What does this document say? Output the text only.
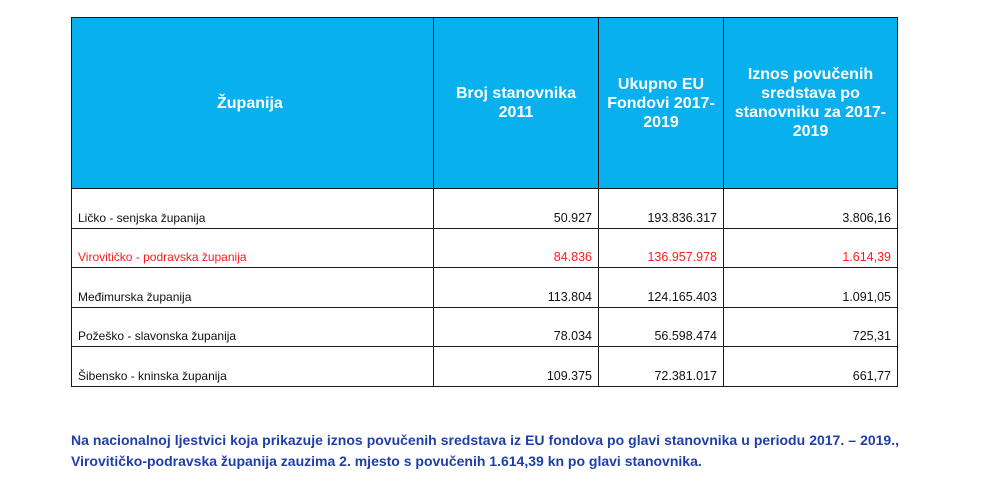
Županija	Broj stanovnika 2011	Ukupno EU Fondovi 2017-2019	Iznos povučenih sredstava po stanovniku za 2017-2019
Ličko - senjska županija	50.927	193.836.317	3.806,16
Virovitičko - podravska županija	84.836	136.957.978	1.614,39
Međimurska županija	113.804	124.165.403	1.091,05
Požeško - slavonska županija	78.034	56.598.474	725,31
Šibensko - kninska županija	109.375	72.381.017	661,77

Na nacionalnoj ljestvici koja prikazuje iznos povučenih sredstava iz EU fondova po glavi stanovnika u periodu 2017. – 2019., Virovitičko-podravska županija zauzima 2. mjesto s povučenih 1.614,39 kn po glavi stanovnika.
